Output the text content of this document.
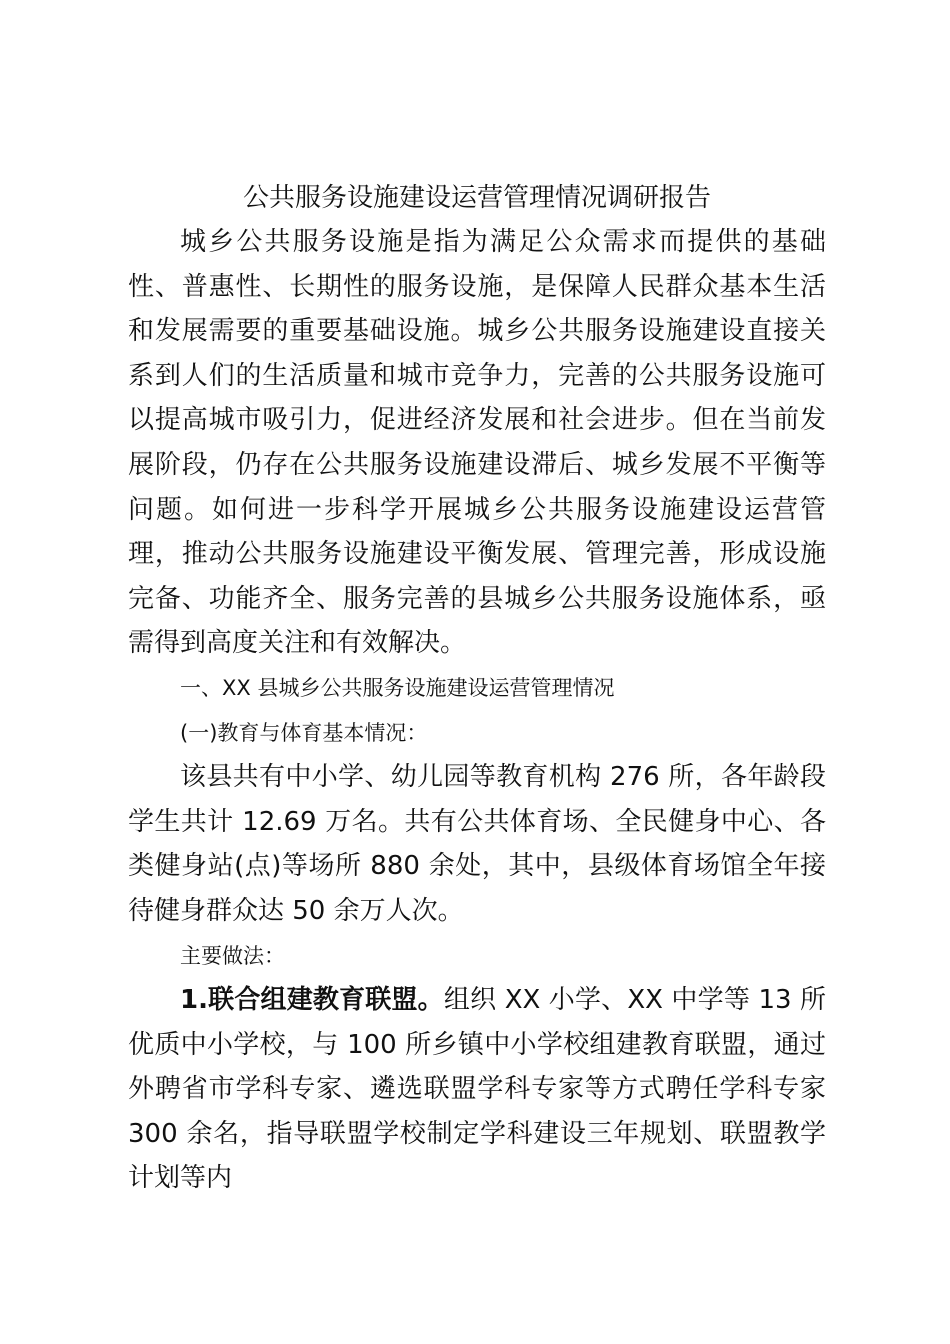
公共服务设施建设运营管理情况调研报告

城乡公共服务设施是指为满足公众需求而提供的基础性、普惠性、长期性的服务设施，是保障人民群众基本生活和发展需要的重要基础设施。城乡公共服务设施建设直接关系到人们的生活质量和城市竞争力，完善的公共服务设施可以提高城市吸引力，促进经济发展和社会进步。但在当前发展阶段，仍存在公共服务设施建设滞后、城乡发展不平衡等问题。如何进一步科学开展城乡公共服务设施建设运营管理，推动公共服务设施建设平衡发展、管理完善，形成设施完备、功能齐全、服务完善的县城乡公共服务设施体系，亟需得到高度关注和有效解决。

一、XX 县城乡公共服务设施建设运营管理情况

(一)教育与体育基本情况：

该县共有中小学、幼儿园等教育机构 276 所，各年龄段学生共计 12.69 万名。共有公共体育场、全民健身中心、各类健身站(点)等场所 880 余处，其中，县级体育场馆全年接待健身群众达 50 余万人次。

主要做法：

1.联合组建教育联盟。组织 XX 小学、XX 中学等 13 所优质中小学校，与 100 所乡镇中小学校组建教育联盟，通过外聘省市学科专家、遴选联盟学科专家等方式聘任学科专家 300 余名，指导联盟学校制定学科建设三年规划、联盟教学计划等内
